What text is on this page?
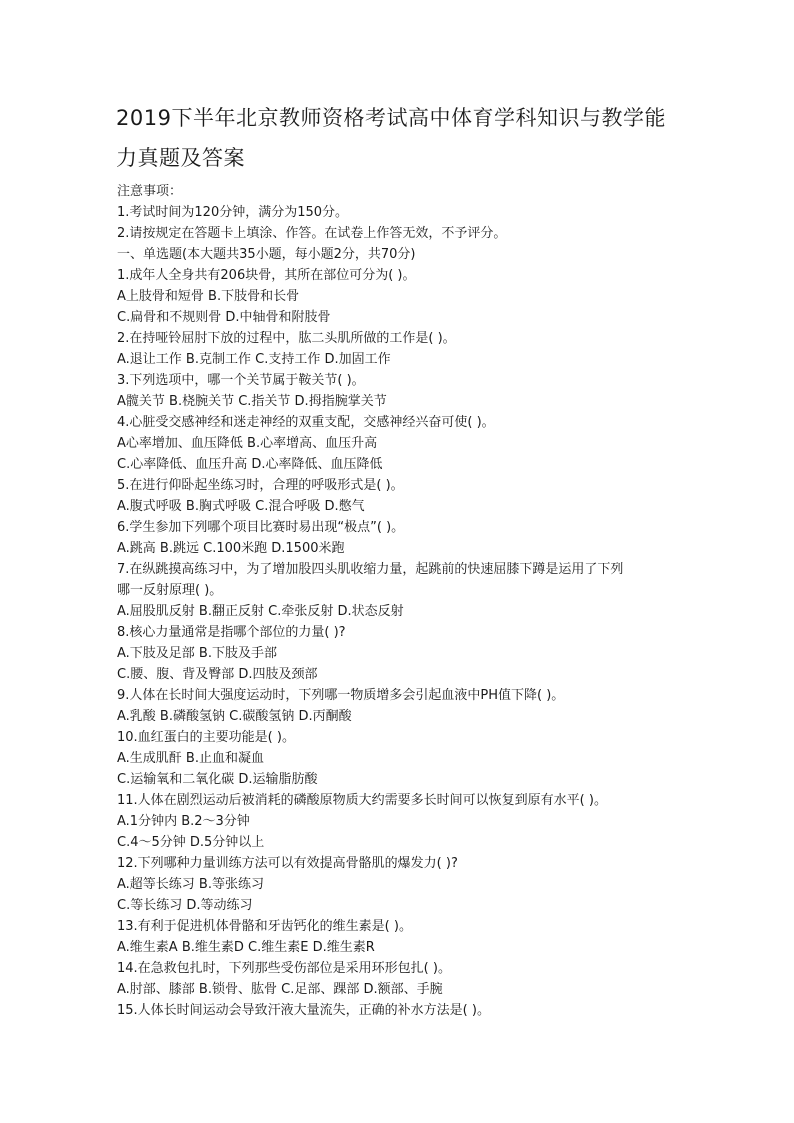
2019下半年北京教师资格考试高中体育学科知识与教学能
力真题及答案
注意事项：
1.考试时间为120分钟，满分为150分。
2.请按规定在答题卡上填涂、作答。在试卷上作答无效，不予评分。
一、单选题(本大题共35小题，每小题2分，共70分)
1.成年人全身共有206块骨，其所在部位可分为( )。
A上肢骨和短骨 B.下肢骨和长骨
C.扁骨和不规则骨 D.中轴骨和附肢骨
2.在持哑铃屈肘下放的过程中，肱二头肌所做的工作是( )。
A.退让工作 B.克制工作 C.支持工作 D.加固工作
3.下列选项中，哪一个关节属于鞍关节( )。
A髋关节 B.桡腕关节 C.指关节 D.拇指腕掌关节
4.心脏受交感神经和迷走神经的双重支配，交感神经兴奋可使( )。
A心率增加、血压降低 B.心率增高、血压升高
C.心率降低、血压升高 D.心率降低、血压降低
5.在进行仰卧起坐练习时，合理的呼吸形式是( )。
A.腹式呼吸 B.胸式呼吸 C.混合呼吸 D.憋气
6.学生参加下列哪个项目比赛时易出现“极点”( )。
A.跳高 B.跳远 C.100米跑 D.1500米跑
7.在纵跳摸高练习中，为了增加股四头肌收缩力量，起跳前的快速屈膝下蹲是运用了下列
哪一反射原理( )。
A.屈股肌反射 B.翻正反射 C.牵张反射 D.状态反射
8.核心力量通常是指哪个部位的力量( )?
A.下肢及足部 B.下肢及手部
C.腰、腹、背及臀部 D.四肢及颈部
9.人体在长时间大强度运动时，下列哪一物质增多会引起血液中PH值下降( )。
A.乳酸 B.磷酸氢钠 C.碳酸氢钠 D.丙酮酸
10.血红蛋白的主要功能是( )。
A.生成肌酐 B.止血和凝血
C.运输氧和二氧化碳 D.运输脂肪酸
11.人体在剧烈运动后被消耗的磷酸原物质大约需要多长时间可以恢复到原有水平( )。
A.1分钟内 B.2～3分钟
C.4～5分钟 D.5分钟以上
12.下列哪种力量训练方法可以有效提高骨骼肌的爆发力( )?
A.超等长练习 B.等张练习
C.等长练习 D.等动练习
13.有利于促进机体骨骼和牙齿钙化的维生素是( )。
A.维生素A B.维生素D C.维生素E D.维生素R
14.在急救包扎时，下列那些受伤部位是采用环形包扎( )。
A.肘部、膝部 B.锁骨、肱骨 C.足部、踝部 D.额部、手腕
15.人体长时间运动会导致汗液大量流失，正确的补水方法是( )。
